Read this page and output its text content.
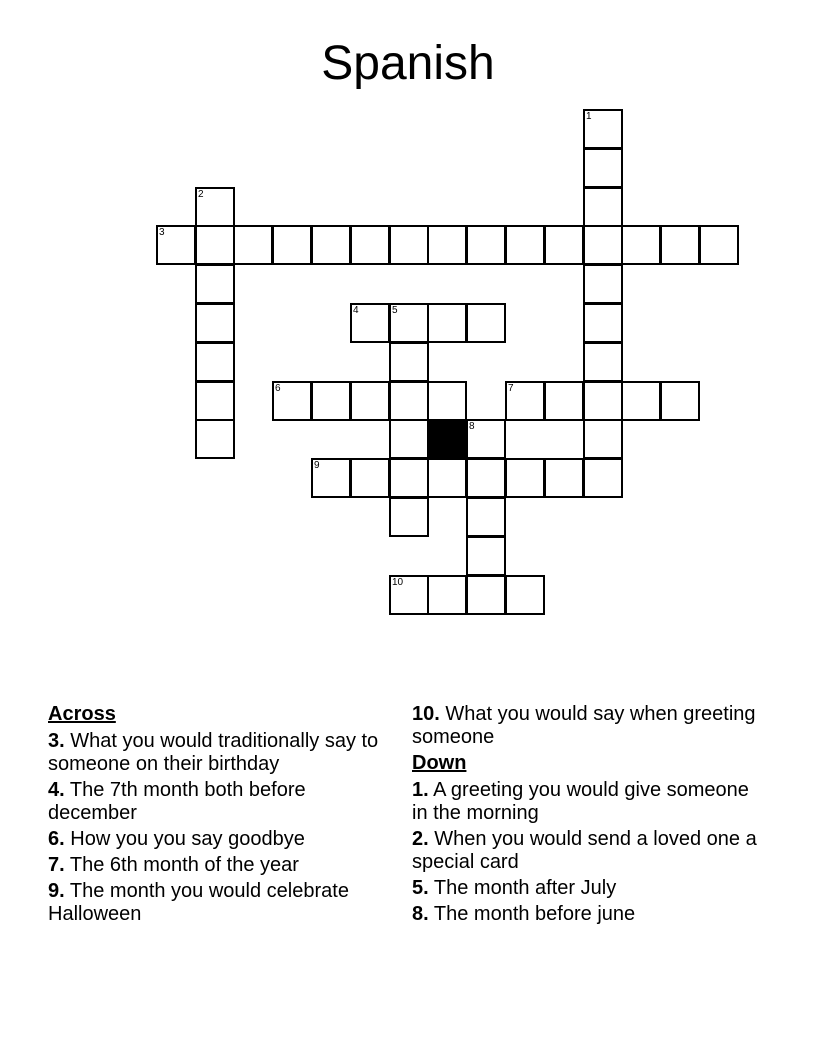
Spanish
1
2
3
4	5
6	7
8
9
10
Across
3. What you would traditionally say to someone on their birthday
4. The 7th month both before december
6. How you you say goodbye
7. The 6th month of the year
9. The month you would celebrate Halloween
10. What you would say when greeting someone
Down
1. A greeting you would give someone in the morning
2. When you would send a loved one a special card
5. The month after July
8. The month before june
